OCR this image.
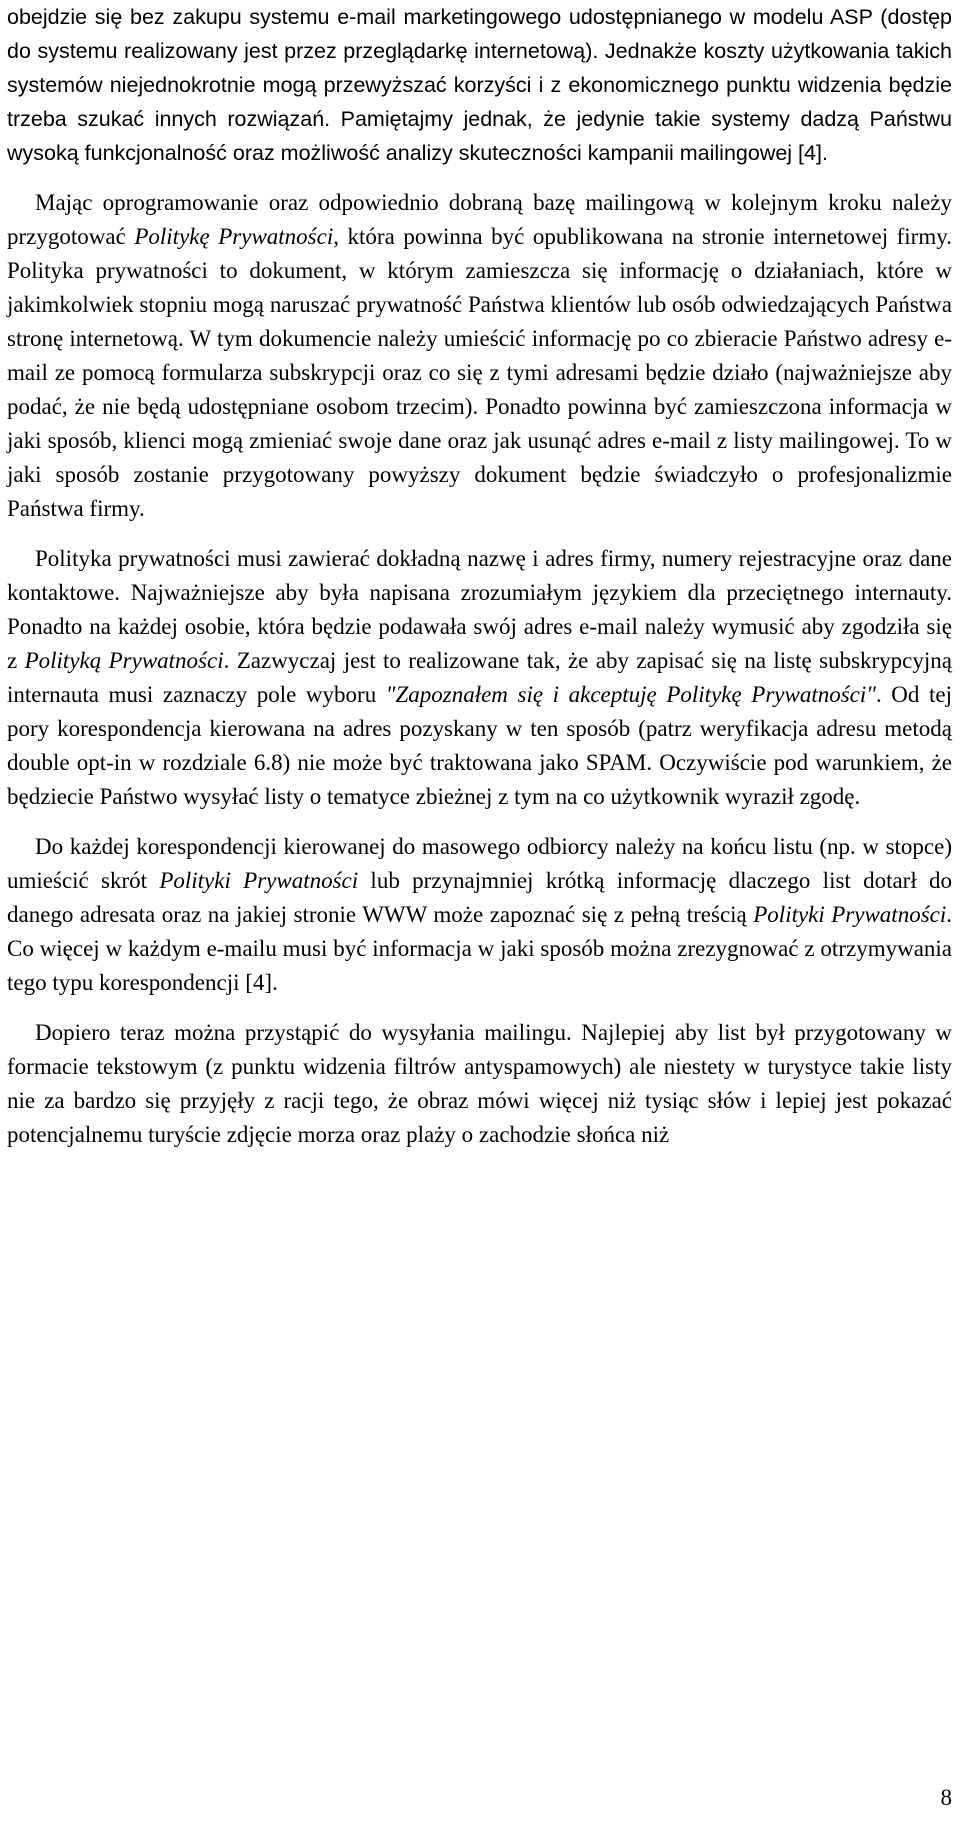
obejdzie się bez zakupu systemu e-mail marketingowego udostępnianego w modelu ASP (dostęp do systemu realizowany jest przez przeglądarkę internetową). Jednakże koszty użytkowania takich systemów niejednokrotnie mogą przewyższać korzyści i z ekonomicznego punktu widzenia będzie trzeba szukać innych rozwiązań. Pamiętajmy jednak, że jedynie takie systemy dadzą Państwu wysoką funkcjonalność oraz możliwość analizy skuteczności kampanii mailingowej [4].

Mając oprogramowanie oraz odpowiednio dobraną bazę mailingową w kolejnym kroku należy przygotować Politykę Prywatności, która powinna być opublikowana na stronie internetowej firmy. Polityka prywatności to dokument, w którym zamieszcza się informację o działaniach, które w jakimkolwiek stopniu mogą naruszać prywatność Państwa klientów lub osób odwiedzających Państwa stronę internetową. W tym dokumencie należy umieścić informację po co zbieracie Państwo adresy e-mail ze pomocą formularza subskrypcji oraz co się z tymi adresami będzie działo (najważniejsze aby podać, że nie będą udostępniane osobom trzecim). Ponadto powinna być zamieszczona informacja w jaki sposób, klienci mogą zmieniać swoje dane oraz jak usunąć adres e-mail z listy mailingowej. To w jaki sposób zostanie przygotowany powyższy dokument będzie świadczyło o profesjonalizmie Państwa firmy.

Polityka prywatności musi zawierać dokładną nazwę i adres firmy, numery rejestracyjne oraz dane kontaktowe. Najważniejsze aby była napisana zrozumiałym językiem dla przeciętnego internauty. Ponadto na każdej osobie, która będzie podawała swój adres e-mail należy wymusić aby zgodziła się z Polityką Prywatności. Zazwyczaj jest to realizowane tak, że aby zapisać się na listę subskrypcyjną internauta musi zaznaczy pole wyboru "Zapoznałem się i akceptuję Politykę Prywatności". Od tej pory korespondencja kierowana na adres pozyskany w ten sposób (patrz weryfikacja adresu metodą double opt-in w rozdziale 6.8) nie może być traktowana jako SPAM. Oczywiście pod warunkiem, że będziecie Państwo wysyłać listy o tematyce zbieżnej z tym na co użytkownik wyraził zgodę.

Do każdej korespondencji kierowanej do masowego odbiorcy należy na końcu listu (np. w stopce) umieścić skrót Polityki Prywatności lub przynajmniej krótką informację dlaczego list dotarł do danego adresata oraz na jakiej stronie WWW może zapoznać się z pełną treścią Polityki Prywatności. Co więcej w każdym e-mailu musi być informacja w jaki sposób można zrezygnować z otrzymywania tego typu korespondencji [4].

Dopiero teraz można przystąpić do wysyłania mailingu. Najlepiej aby list był przygotowany w formacie tekstowym (z punktu widzenia filtrów antyspamowych) ale niestety w turystyce takie listy nie za bardzo się przyjęły z racji tego, że obraz mówi więcej niż tysiąc słów i lepiej jest pokazać potencjalnemu turyście zdjęcie morza oraz plaży o zachodzie słońca niż

8
